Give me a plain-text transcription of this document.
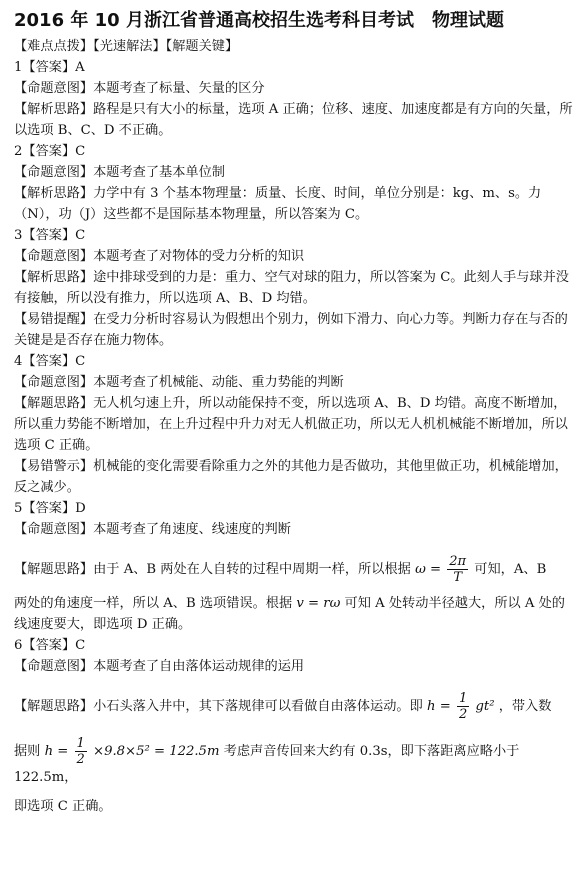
2016 年 10 月浙江省普通高校招生选考科目考试　物理试题
【难点点拨】【光速解法】【解题关键】
1【答案】A
【命题意图】本题考查了标量、矢量的区分
【解析思路】路程是只有大小的标量，选项 A 正确；位移、速度、加速度都是有方向的矢量，所以选项 B、C、D 不正确。
2【答案】C
【命题意图】本题考查了基本单位制
【解析思路】力学中有 3 个基本物理量：质量、长度、时间，单位分别是：kg、m、s。力（N），功（J）这些都不是国际基本物理量，所以答案为 C。
3【答案】C
【命题意图】本题考查了对物体的受力分析的知识
【解析思路】途中排球受到的力是：重力、空气对球的阻力，所以答案为 C。此刻人手与球并没有接触，所以没有推力，所以选项 A、B、D 均错。
【易错提醒】在受力分析时容易认为假想出个别力，例如下滑力、向心力等。判断力存在与否的关键是是否存在施力物体。
4【答案】C
【命题意图】本题考查了机械能、动能、重力势能的判断
【解题思路】无人机匀速上升，所以动能保持不变，所以选项 A、B、D 均错。高度不断增加，所以重力势能不断增加，在上升过程中升力对无人机做正功，所以无人机机械能不断增加，所以选项 C 正确。
【易错警示】机械能的变化需要看除重力之外的其他力是否做功，其他里做正功，机械能增加，反之减少。
5【答案】D
【命题意图】本题考查了角速度、线速度的判断
【解题思路】由于 A、B 两处在人自转的过程中周期一样，所以根据 $\omega = \frac{2\pi}{T}$ 可知，A、B
两处的角速度一样，所以 A、B 选项错误。根据 v = rω 可知 A 处转动半径越大，所以 A 处的线速度要大，即选项 D 正确。
6【答案】C
【命题意图】本题考查了自由落体运动规律的运用
【解题思路】小石头落入井中，其下落规律可以看做自由落体运动。即 $h = \frac{1}{2} gt^2$ ，带入数
据则 $h = \frac{1}{2} \times 9.8\times 5^2 = 122.5m$ 考虑声音传回来大约有 0.3s，即下落距离应略小于 122.5m，
即选项 C 正确。
